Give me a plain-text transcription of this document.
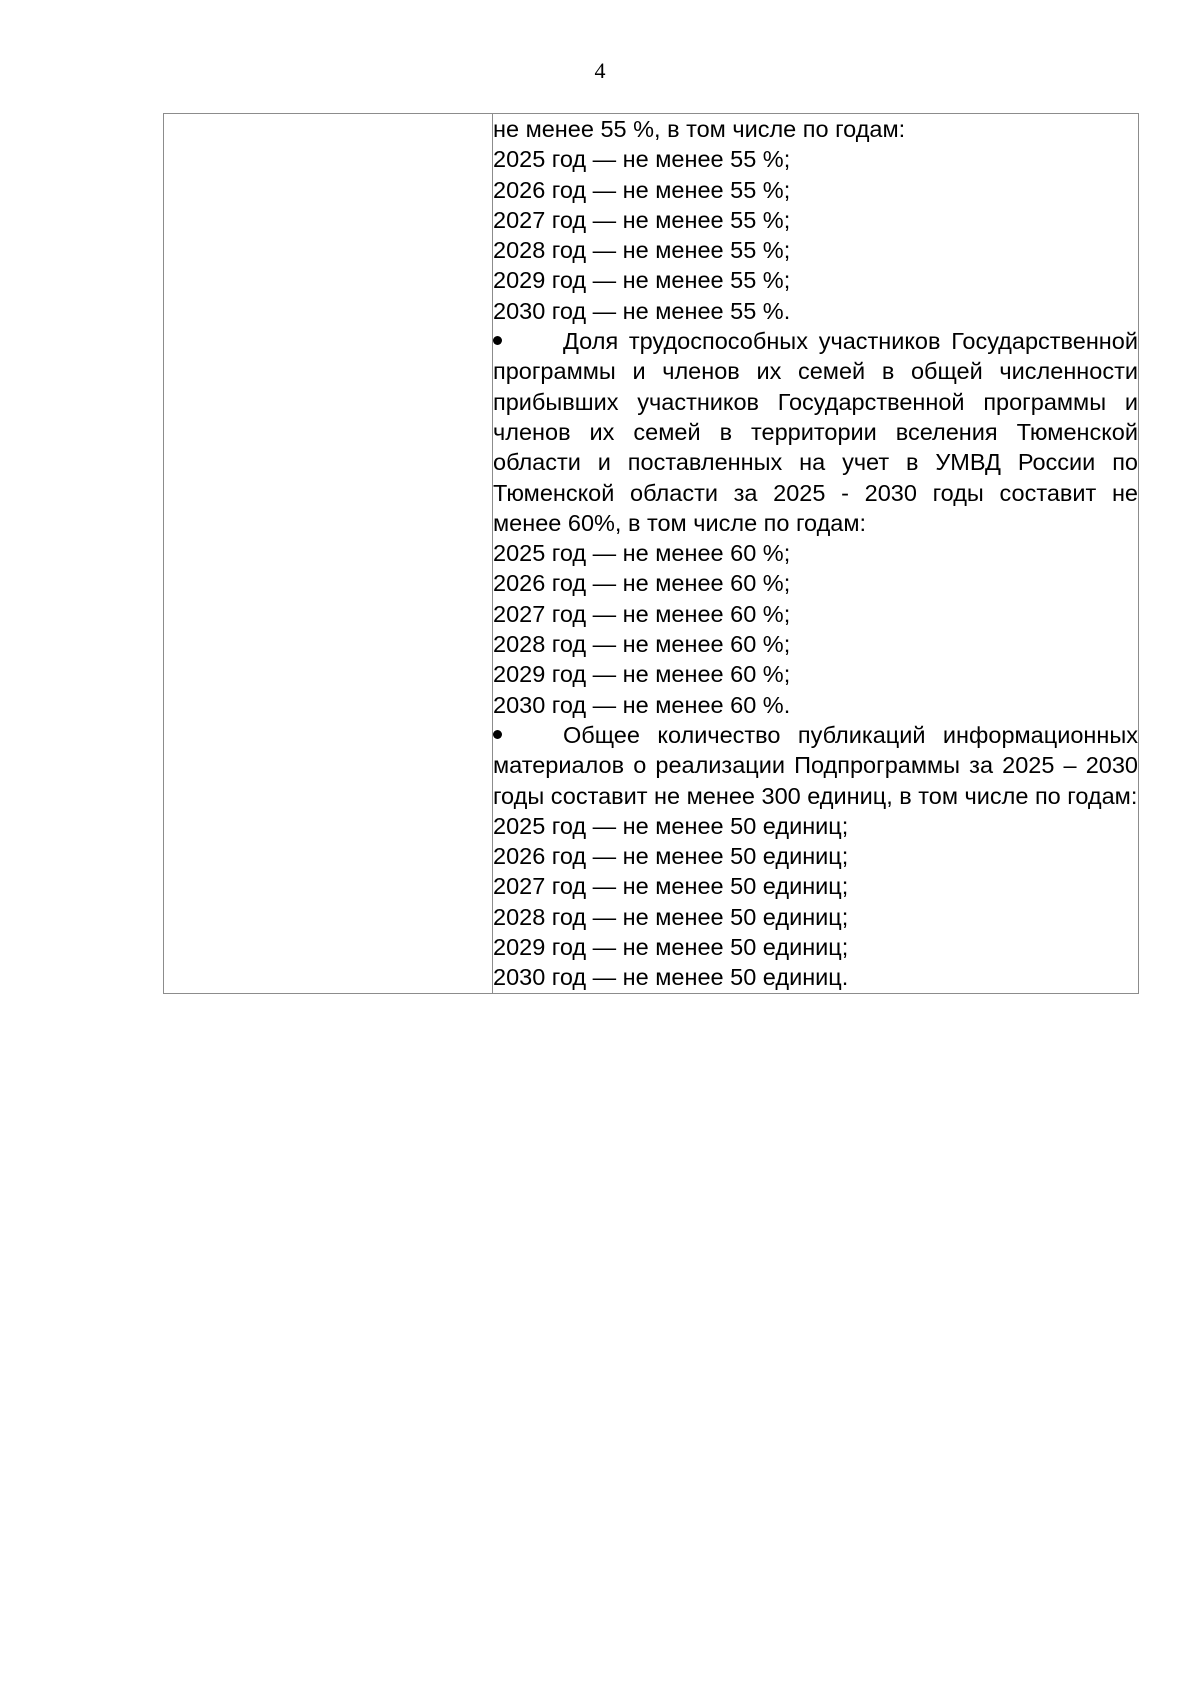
4

не менее 55 %, в том числе по годам:
2025 год — не менее 55 %;
2026 год — не менее 55 %;
2027 год — не менее 55 %;
2028 год — не менее 55 %;
2029 год — не менее 55 %;
2030 год — не менее 55 %.
Доля трудоспособных участников Государственной программы и членов их семей в общей численности прибывших участников Государственной программы и членов их семей в территории вселения Тюменской области и поставленных на учет в УМВД России по Тюменской области за 2025 - 2030 годы составит не менее 60%, в том числе по годам:
2025 год — не менее 60 %;
2026 год — не менее 60 %;
2027 год — не менее 60 %;
2028 год — не менее 60 %;
2029 год — не менее 60 %;
2030 год — не менее 60 %.
Общее количество публикаций информационных материалов о реализации Подпрограммы за 2025 – 2030 годы составит не менее 300 единиц, в том числе по годам:
2025 год — не менее 50 единиц;
2026 год — не менее 50 единиц;
2027 год — не менее 50 единиц;
2028 год — не менее 50 единиц;
2029 год — не менее 50 единиц;
2030 год — не менее 50 единиц.
